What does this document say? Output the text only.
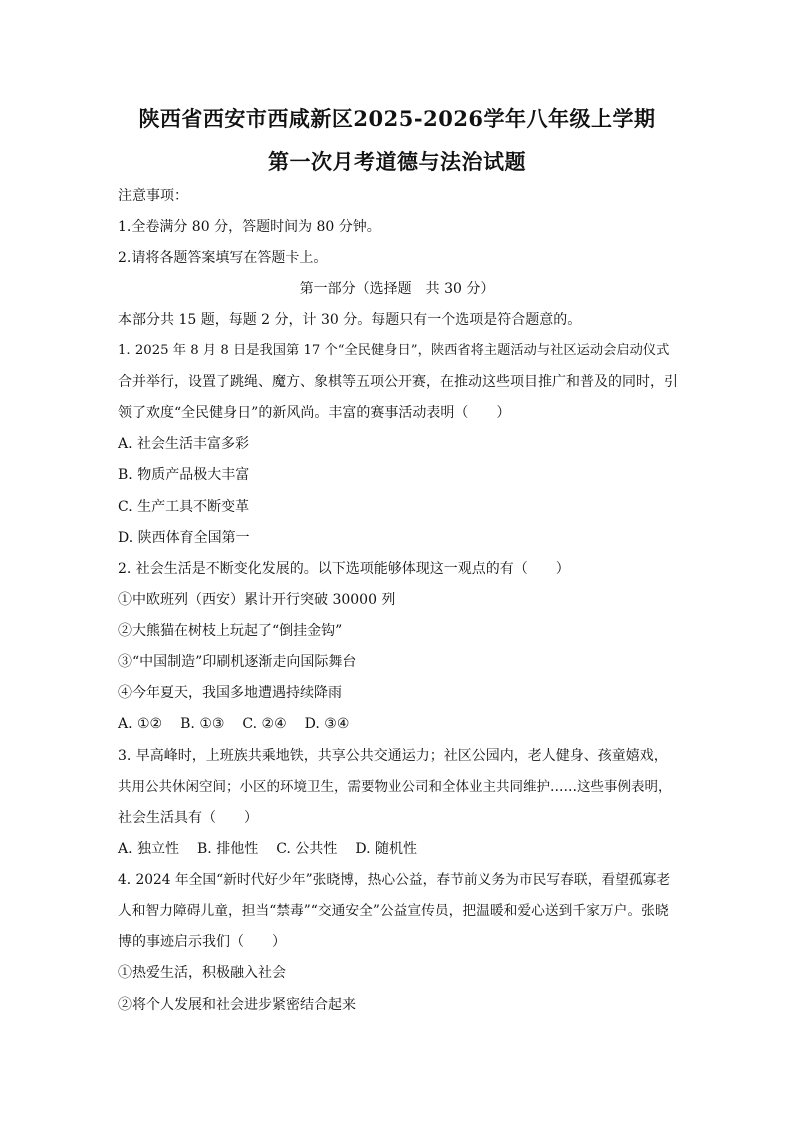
陕西省西安市西咸新区2025-2026学年八年级上学期
第一次月考道德与法治试题
注意事项：
1.全卷满分 80 分，答题时间为 80 分钟。
2.请将各题答案填写在答题卡上。
第一部分（选择题　共 30 分）
本部分共 15 题，每题 2 分，计 30 分。每题只有一个选项是符合题意的。
1. 2025 年 8 月 8 日是我国第 17 个“全民健身日”，陕西省将主题活动与社区运动会启动仪式
合并举行，设置了跳绳、魔方、象棋等五项公开赛，在推动这些项目推广和普及的同时，引
领了欢度“全民健身日”的新风尚。丰富的赛事活动表明（　　）
A. 社会生活丰富多彩
B. 物质产品极大丰富
C. 生产工具不断变革
D. 陕西体育全国第一
2. 社会生活是不断变化发展的。以下选项能够体现这一观点的有（　　）
①中欧班列（西安）累计开行突破 30000 列
②大熊猫在树枝上玩起了“倒挂金钩”
③“中国制造”印刷机逐渐走向国际舞台
④今年夏天，我国多地遭遇持续降雨
A. ①② B. ①③ C. ②④ D. ③④
3. 早高峰时，上班族共乘地铁，共享公共交通运力；社区公园内，老人健身、孩童嬉戏，
共用公共休闲空间；小区的环境卫生，需要物业公司和全体业主共同维护……这些事例表明，
社会生活具有（　　）
A. 独立性 B. 排他性 C. 公共性 D. 随机性
4. 2024 年全国“新时代好少年”张晓博，热心公益，春节前义务为市民写春联，看望孤寡老
人和智力障碍儿童，担当“禁毒”“交通安全”公益宣传员，把温暖和爱心送到千家万户。张晓
博的事迹启示我们（　　）
①热爱生活，积极融入社会
②将个人发展和社会进步紧密结合起来
